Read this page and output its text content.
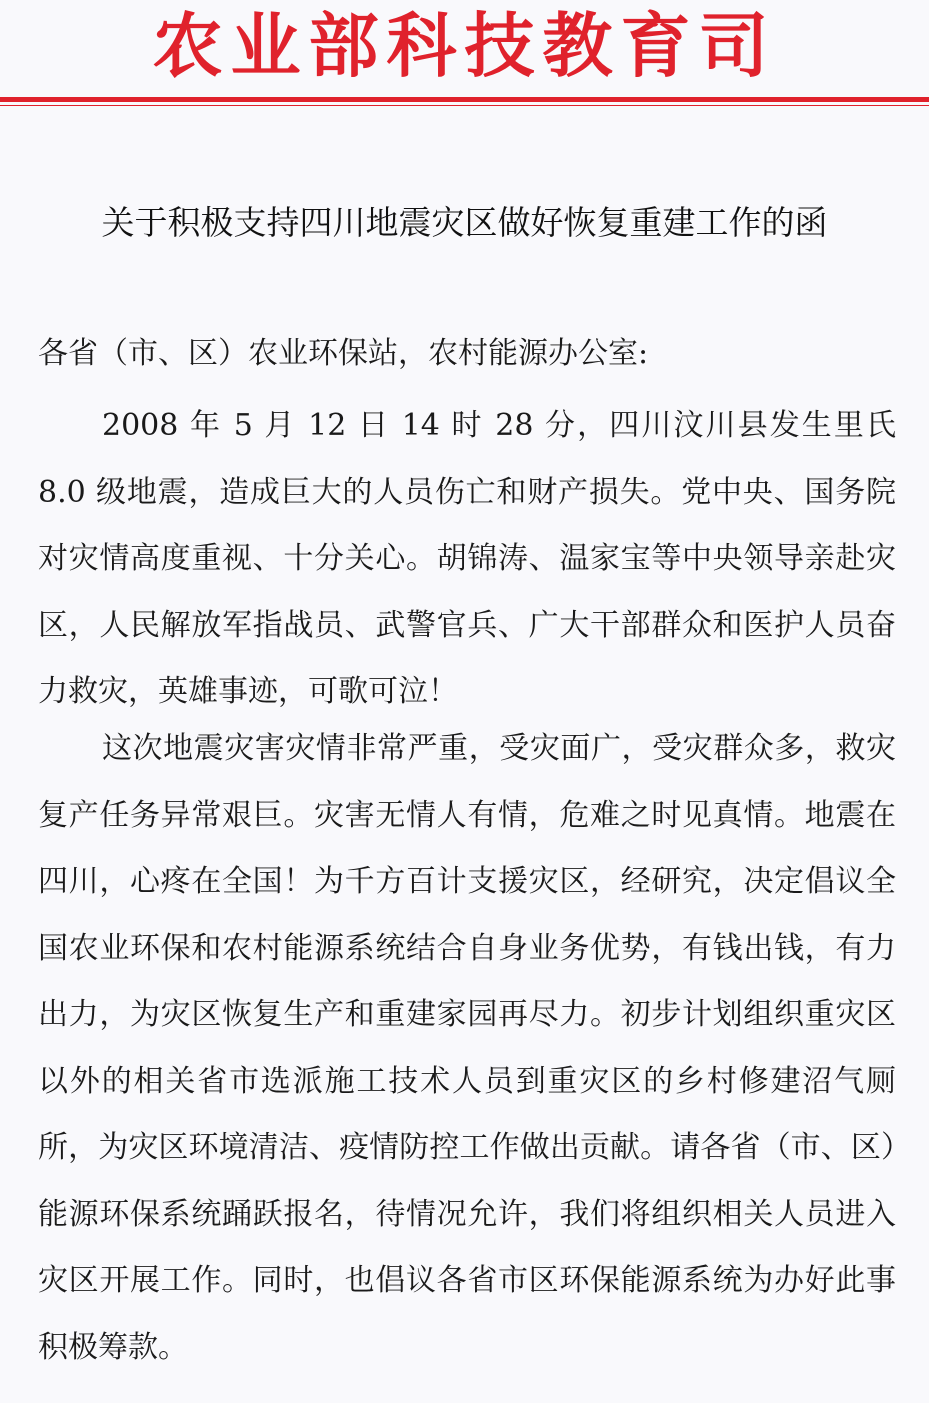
农业部科技教育司
关于积极支持四川地震灾区做好恢复重建工作的函
各省（市、区）农业环保站，农村能源办公室:

2008 年 5 月 12 日 14 时 28 分，四川汶川县发生里氏 8.0 级地震，造成巨大的人员伤亡和财产损失。党中央、国务院对灾情高度重视、十分关心。胡锦涛、温家宝等中央领导亲赴灾区，人民解放军指战员、武警官兵、广大干部群众和医护人员奋力救灾，英雄事迹，可歌可泣！

这次地震灾害灾情非常严重，受灾面广，受灾群众多，救灾复产任务异常艰巨。灾害无情人有情，危难之时见真情。地震在四川，心疼在全国！为千方百计支援灾区，经研究，决定倡议全国农业环保和农村能源系统结合自身业务优势，有钱出钱，有力出力，为灾区恢复生产和重建家园再尽力。初步计划组织重灾区以外的相关省市选派施工技术人员到重灾区的乡村修建沼气厕所，为灾区环境清洁、疫情防控工作做出贡献。请各省（市、区）能源环保系统踊跃报名，待情况允许，我们将组织相关人员进入灾区开展工作。同时，也倡议各省市区环保能源系统为办好此事积极筹款。
